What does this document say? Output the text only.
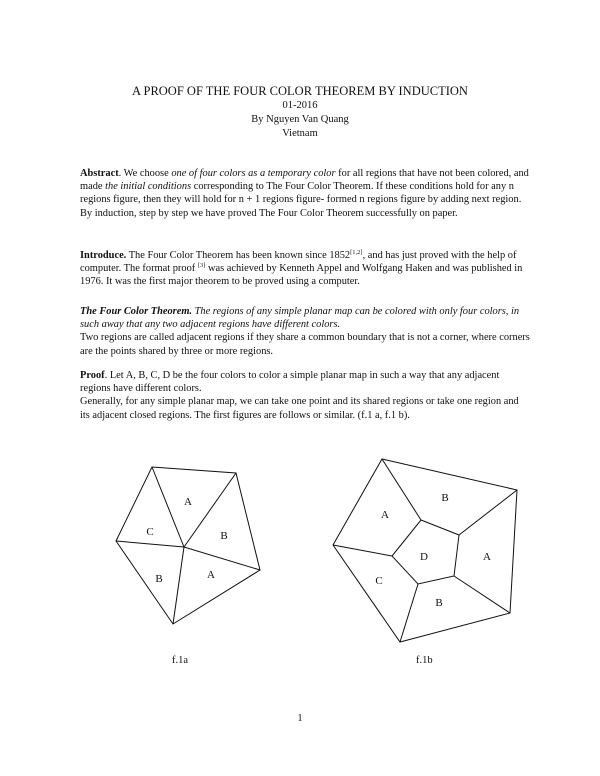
A PROOF OF THE FOUR COLOR THEOREM BY INDUCTION
01-2016
By Nguyen Van Quang
Vietnam

Abstract. We choose one of four colors as a temporary color for all regions that have not been colored, and made the initial conditions corresponding to The Four Color Theorem. If these conditions hold for any n regions figure, then they will hold for n + 1 regions figure- formed n regions figure by adding next region. By induction, step by step we have proved The Four Color Theorem successfully on paper.

Introduce. The Four Color Theorem has been known since 1852[1,2], and has just proved with the help of computer. The format proof [3] was achieved by Kenneth Appel and Wolfgang Haken and was published in 1976. It was the first major theorem to be proved using a computer.

The Four Color Theorem. The regions of any simple planar map can be colored with only four colors, in such away that any two adjacent regions have different colors.

Two regions are called adjacent regions if they share a common boundary that is not a corner, where corners are the points shared by three or more regions.

Proof. Let A, B, C, D be the four colors to color a simple planar map in such a way that any adjacent regions have different colors.

Generally, for any simple planar map, we can take one point and its shared regions or take one region and its adjacent closed regions. The first figures are follows or similar. (f.1 a, f.1 b).

A
B
A
B
C
B
A
B
C
A
D
f.1a	f.1b
1
